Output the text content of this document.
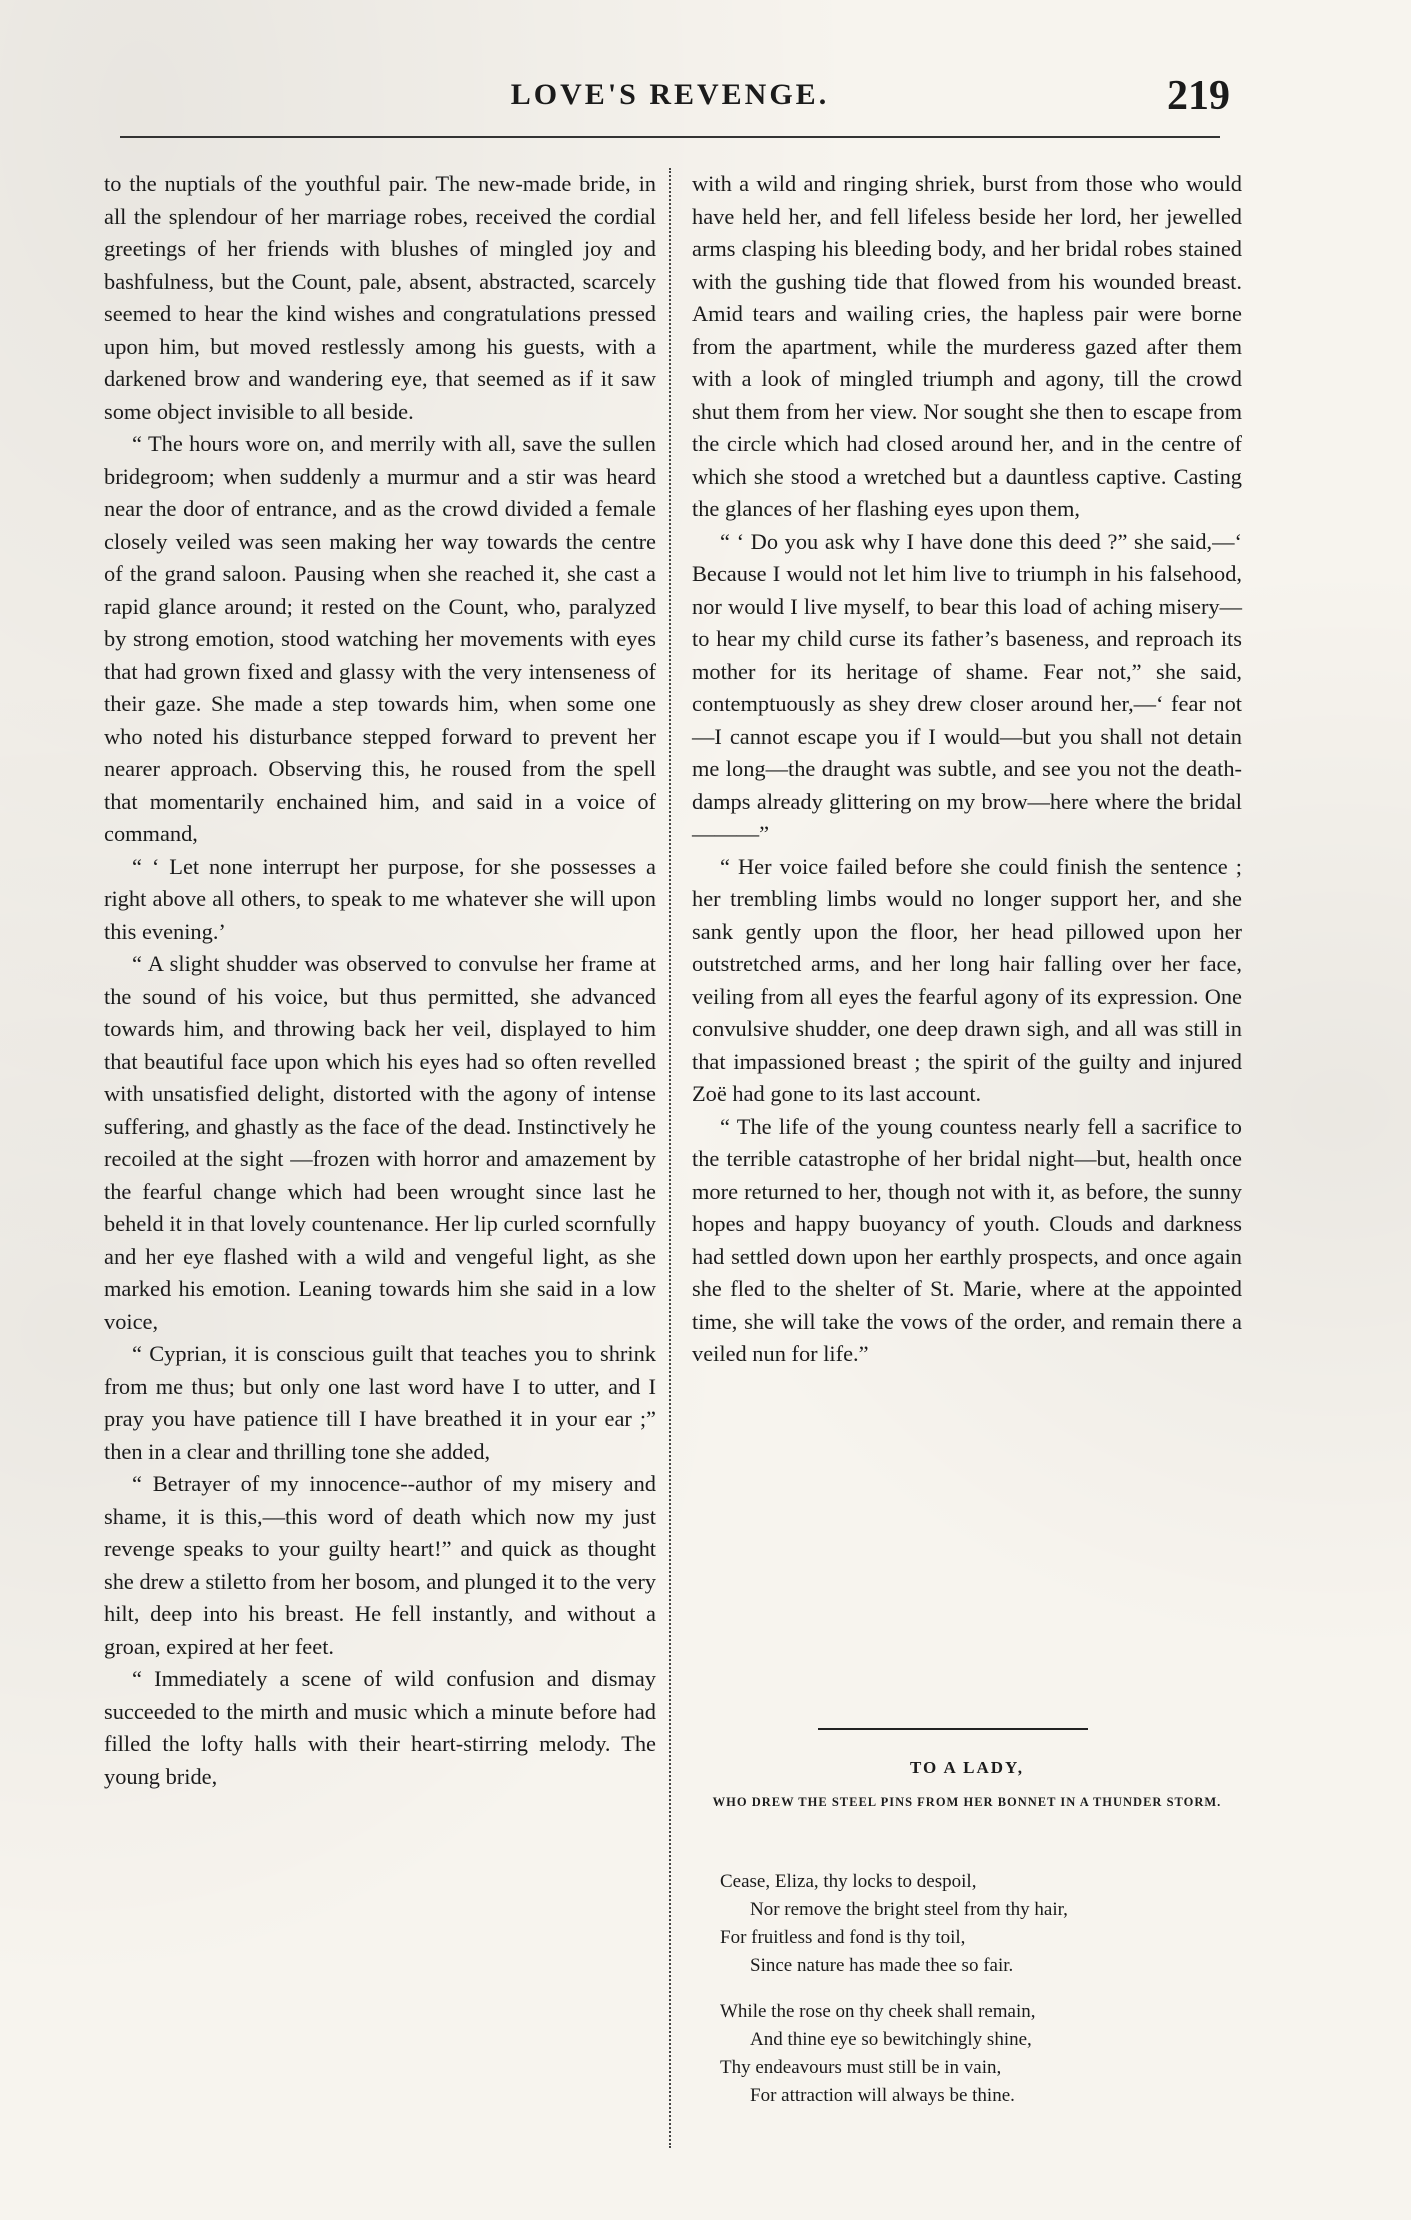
LOVE'S REVENGE.	219

to the nuptials of the youthful pair. The new-made bride, in all the splendour of her marriage robes, received the cordial greetings of her friends with blushes of mingled joy and bashfulness, but the Count, pale, absent, abstracted, scarcely seemed to hear the kind wishes and congratulations pressed upon him, but moved restlessly among his guests, with a darkened brow and wandering eye, that seemed as if it saw some object invisible to all beside.

“ The hours wore on, and merrily with all, save the sullen bridegroom; when suddenly a murmur and a stir was heard near the door of entrance, and as the crowd divided a female closely veiled was seen making her way towards the centre of the grand saloon. Pausing when she reached it, she cast a rapid glance around; it rested on the Count, who, paralyzed by strong emotion, stood watching her movements with eyes that had grown fixed and glassy with the very intenseness of their gaze. She made a step towards him, when some one who noted his disturbance stepped forward to prevent her nearer approach. Observing this, he roused from the spell that momentarily enchained him, and said in a voice of command,

“ ‘ Let none interrupt her purpose, for she possesses a right above all others, to speak to me whatever she will upon this evening.’

“ A slight shudder was observed to convulse her frame at the sound of his voice, but thus permitted, she advanced towards him, and throwing back her veil, displayed to him that beautiful face upon which his eyes had so often revelled with unsatisfied delight, distorted with the agony of intense suffering, and ghastly as the face of the dead. Instinctively he recoiled at the sight —frozen with horror and amazement by the fearful change which had been wrought since last he beheld it in that lovely countenance. Her lip curled scornfully and her eye flashed with a wild and vengeful light, as she marked his emotion. Leaning towards him she said in a low voice,

“ Cyprian, it is conscious guilt that teaches you to shrink from me thus; but only one last word have I to utter, and I pray you have patience till I have breathed it in your ear ;” then in a clear and thrilling tone she added,

“ Betrayer of my innocence--author of my misery and shame, it is this,—this word of death which now my just revenge speaks to your guilty heart!” and quick as thought she drew a stiletto from her bosom, and plunged it to the very hilt, deep into his breast. He fell instantly, and without a groan, expired at her feet.

“ Immediately a scene of wild confusion and dismay succeeded to the mirth and music which a minute before had filled the lofty halls with their heart-stirring melody. The young bride,

with a wild and ringing shriek, burst from those who would have held her, and fell lifeless beside her lord, her jewelled arms clasping his bleeding body, and her bridal robes stained with the gushing tide that flowed from his wounded breast. Amid tears and wailing cries, the hapless pair were borne from the apartment, while the murderess gazed after them with a look of mingled triumph and agony, till the crowd shut them from her view. Nor sought she then to escape from the circle which had closed around her, and in the centre of which she stood a wretched but a dauntless captive. Casting the glances of her flashing eyes upon them,

“ ‘ Do you ask why I have done this deed ?” she said,—‘ Because I would not let him live to triumph in his falsehood, nor would I live myself, to bear this load of aching misery—to hear my child curse its father’s baseness, and reproach its mother for its heritage of shame. Fear not,” she said, contemptuously as shey drew closer around her,—‘ fear not—I cannot escape you if I would—but you shall not detain me long—the draught was subtle, and see you not the death-damps already glittering on my brow—here where the bridal ———”

“ Her voice failed before she could finish the sentence ; her trembling limbs would no longer support her, and she sank gently upon the floor, her head pillowed upon her outstretched arms, and her long hair falling over her face, veiling from all eyes the fearful agony of its expression. One convulsive shudder, one deep drawn sigh, and all was still in that impassioned breast ; the spirit of the guilty and injured Zoë had gone to its last account.

“ The life of the young countess nearly fell a sacrifice to the terrible catastrophe of her bridal night—but, health once more returned to her, though not with it, as before, the sunny hopes and happy buoyancy of youth. Clouds and darkness had settled down upon her earthly prospects, and once again she fled to the shelter of St. Marie, where at the appointed time, she will take the vows of the order, and remain there a veiled nun for life.”

TO A LADY,
WHO DREW THE STEEL PINS FROM HER BONNET IN A THUNDER STORM.
Cease, Eliza, thy locks to despoil,
Nor remove the bright steel from thy hair,
For fruitless and fond is thy toil,
Since nature has made thee so fair.
While the rose on thy cheek shall remain,
And thine eye so bewitchingly shine,
Thy endeavours must still be in vain,
For attraction will always be thine.
